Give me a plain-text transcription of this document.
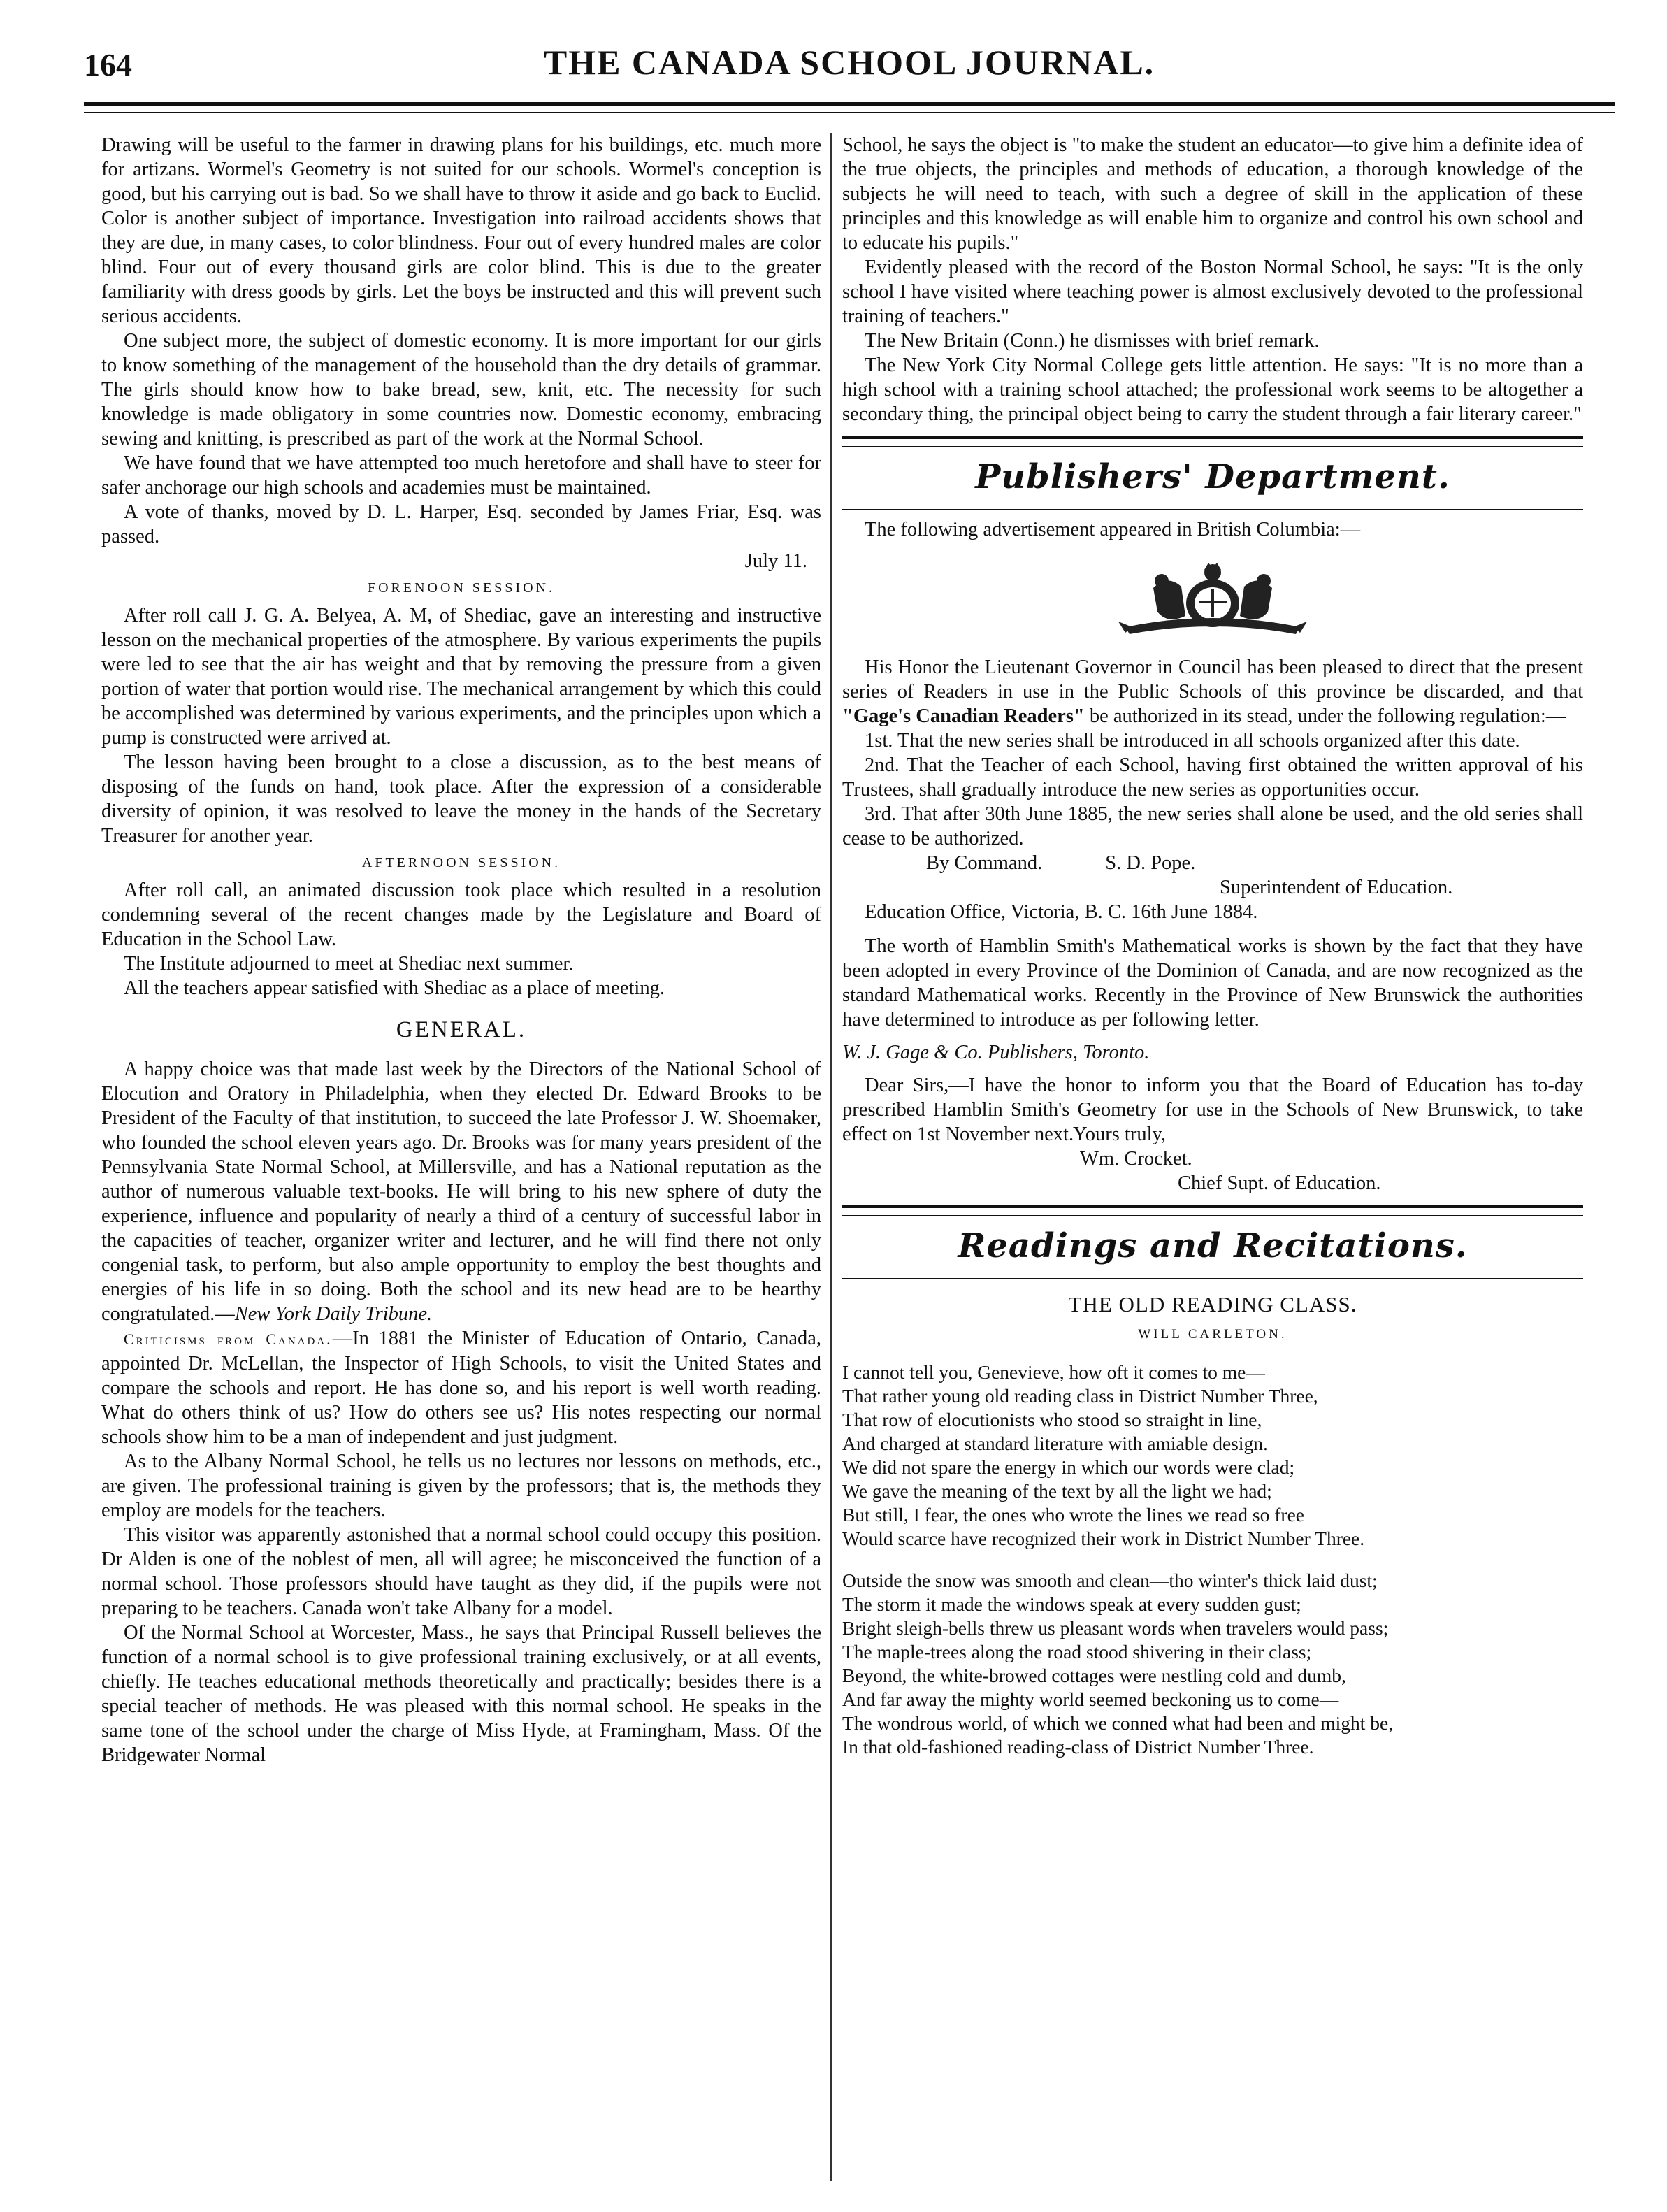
164	THE CANADA SCHOOL JOURNAL.

Drawing will be useful to the farmer in drawing plans for his buildings, etc. much more for artizans. Wormel's Geometry is not suited for our schools. Wormel's conception is good, but his carrying out is bad. So we shall have to throw it aside and go back to Euclid. Color is another subject of importance. Investigation into railroad accidents shows that they are due, in many cases, to color blindness. Four out of every hundred males are color blind. Four out of every thousand girls are color blind. This is due to the greater familiarity with dress goods by girls. Let the boys be instructed and this will prevent such serious accidents.

One subject more, the subject of domestic economy. It is more important for our girls to know something of the management of the household than the dry details of grammar. The girls should know how to bake bread, sew, knit, etc. The necessity for such knowledge is made obligatory in some countries now. Domestic economy, embracing sewing and knitting, is prescribed as part of the work at the Normal School.

We have found that we have attempted too much heretofore and shall have to steer for safer anchorage our high schools and academies must be maintained.

A vote of thanks, moved by D. L. Harper, Esq. seconded by James Friar, Esq. was passed.

July 11.

FORENOON SESSION.

After roll call J. G. A. Belyea, A. M, of Shediac, gave an interesting and instructive lesson on the mechanical properties of the atmosphere. By various experiments the pupils were led to see that the air has weight and that by removing the pressure from a given portion of water that portion would rise. The mechanical arrangement by which this could be accomplished was determined by various experiments, and the principles upon which a pump is constructed were arrived at.

The lesson having been brought to a close a discussion, as to the best means of disposing of the funds on hand, took place. After the expression of a considerable diversity of opinion, it was resolved to leave the money in the hands of the Secretary Treasurer for another year.

AFTERNOON SESSION.

After roll call, an animated discussion took place which resulted in a resolution condemning several of the recent changes made by the Legislature and Board of Education in the School Law.

The Institute adjourned to meet at Shediac next summer.

All the teachers appear satisfied with Shediac as a place of meeting.

GENERAL.

A happy choice was that made last week by the Directors of the National School of Elocution and Oratory in Philadelphia, when they elected Dr. Edward Brooks to be President of the Faculty of that institution, to succeed the late Professor J. W. Shoemaker, who founded the school eleven years ago. Dr. Brooks was for many years president of the Pennsylvania State Normal School, at Millersville, and has a National reputation as the author of numerous valuable text-books. He will bring to his new sphere of duty the experience, influence and popularity of nearly a third of a century of successful labor in the capacities of teacher, organizer writer and lecturer, and he will find there not only congenial task, to perform, but also ample opportunity to employ the best thoughts and energies of his life in so doing. Both the school and its new head are to be hearthy congratulated.—New York Daily Tribune.

Criticisms from Canada.—In 1881 the Minister of Education of Ontario, Canada, appointed Dr. McLellan, the Inspector of High Schools, to visit the United States and compare the schools and report. He has done so, and his report is well worth reading. What do others think of us? How do others see us? His notes respecting our normal schools show him to be a man of independent and just judgment.

As to the Albany Normal School, he tells us no lectures nor lessons on methods, etc., are given. The professional training is given by the professors; that is, the methods they employ are models for the teachers.

This visitor was apparently astonished that a normal school could occupy this position. Dr Alden is one of the noblest of men, all will agree; he misconceived the function of a normal school. Those professors should have taught as they did, if the pupils were not preparing to be teachers. Canada won't take Albany for a model.

Of the Normal School at Worcester, Mass., he says that Principal Russell believes the function of a normal school is to give professional training exclusively, or at all events, chiefly. He teaches educational methods theoretically and practically; besides there is a special teacher of methods. He was pleased with this normal school. He speaks in the same tone of the school under the charge of Miss Hyde, at Framingham, Mass. Of the Bridgewater Normal

School, he says the object is "to make the student an educator—to give him a definite idea of the true objects, the principles and methods of education, a thorough knowledge of the subjects he will need to teach, with such a degree of skill in the application of these principles and this knowledge as will enable him to organize and control his own school and to educate his pupils."

Evidently pleased with the record of the Boston Normal School, he says: "It is the only school I have visited where teaching power is almost exclusively devoted to the professional training of teachers."

The New Britain (Conn.) he dismisses with brief remark.

The New York City Normal College gets little attention. He says: "It is no more than a high school with a training school attached; the professional work seems to be altogether a secondary thing, the principal object being to carry the student through a fair literary career."

Publishers' Department.

The following advertisement appeared in British Columbia:—

His Honor the Lieutenant Governor in Council has been pleased to direct that the present series of Readers in use in the Public Schools of this province be discarded, and that "Gage's Canadian Readers" be authorized in its stead, under the following regulation:—

1st. That the new series shall be introduced in all schools organized after this date.

2nd. That the Teacher of each School, having first obtained the written approval of his Trustees, shall gradually introduce the new series as opportunities occur.

3rd. That after 30th June 1885, the new series shall alone be used, and the old series shall cease to be authorized.

By Command.	S. D. Pope.

Superintendent of Education.

Education Office, Victoria, B. C. 16th June 1884.

The worth of Hamblin Smith's Mathematical works is shown by the fact that they have been adopted in every Province of the Dominion of Canada, and are now recognized as the standard Mathematical works. Recently in the Province of New Brunswick the authorities have determined to introduce as per following letter.

W. J. Gage & Co. Publishers, Toronto.

Dear Sirs,—I have the honor to inform you that the Board of Education has to-day prescribed Hamblin Smith's Geometry for use in the Schools of New Brunswick, to take effect on 1st November next.

Yours truly,

Wm. Crocket.

Chief Supt. of Education.

Readings and Recitations.
THE OLD READING CLASS.
WILL CARLETON.

I cannot tell you, Genevieve, how oft it comes to me—

That rather young old reading class in District Number Three,

That row of elocutionists who stood so straight in line,

And charged at standard literature with amiable design.

We did not spare the energy in which our words were clad;

We gave the meaning of the text by all the light we had;

But still, I fear, the ones who wrote the lines we read so free

Would scarce have recognized their work in District Number Three.

Outside the snow was smooth and clean—tho winter's thick laid dust;

The storm it made the windows speak at every sudden gust;

Bright sleigh-bells threw us pleasant words when travelers would pass;

The maple-trees along the road stood shivering in their class;

Beyond, the white-browed cottages were nestling cold and dumb,

And far away the mighty world seemed beckoning us to come—

The wondrous world, of which we conned what had been and might be,

In that old-fashioned reading-class of District Number Three.
